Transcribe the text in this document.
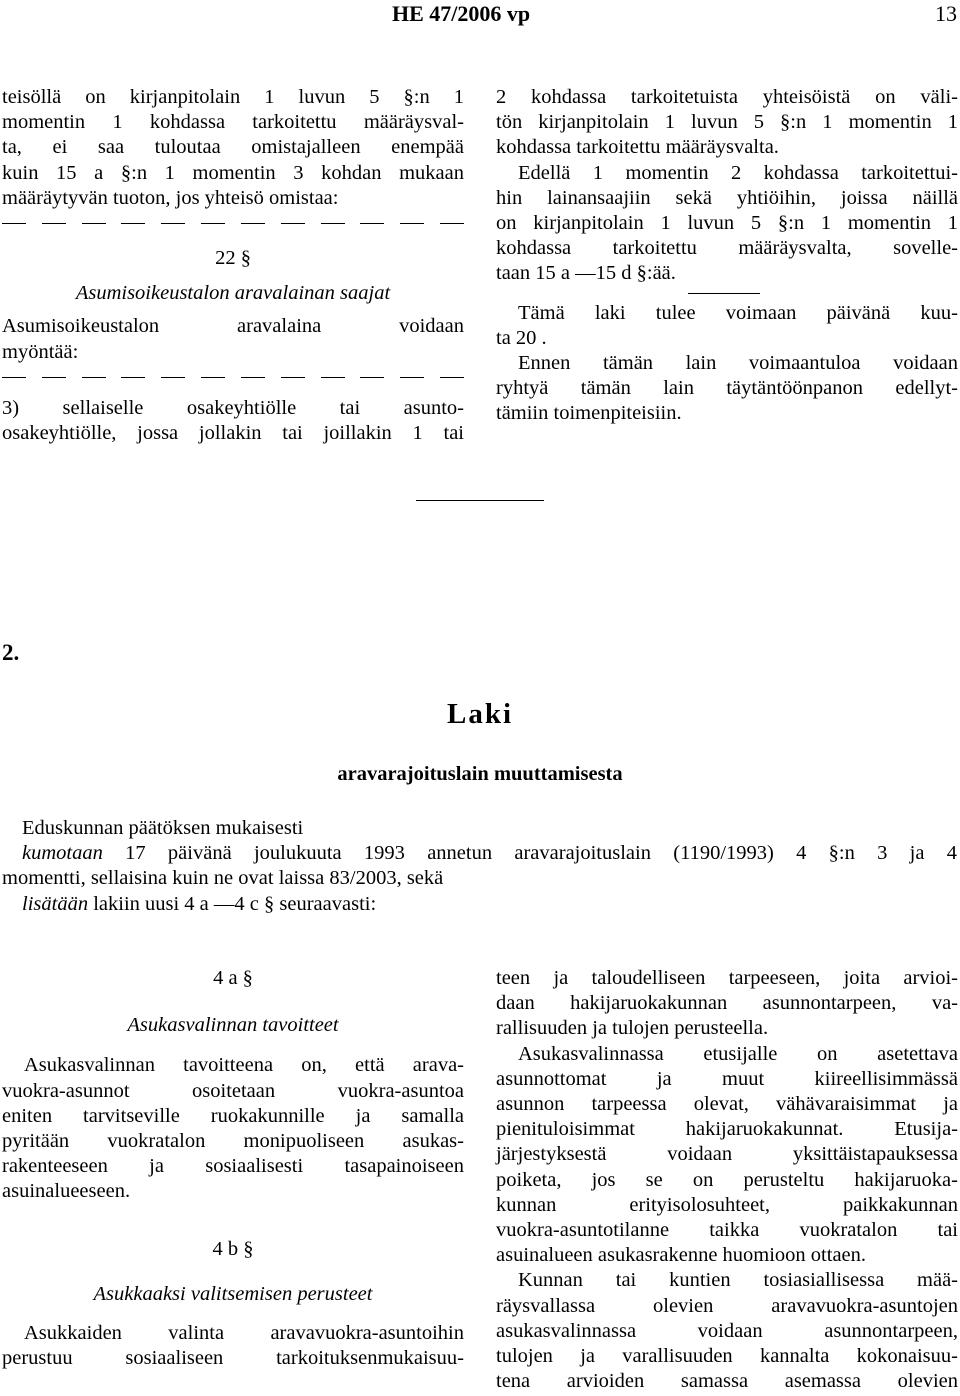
HE 47/2006 vp	13

teisöllä on kirjanpitolain 1 luvun 5 §:n 1

momentin 1 kohdassa tarkoitettu määräysval-

ta, ei saa tuloutaa omistajalleen enempää

kuin 15 a §:n 1 momentin 3 kohdan mukaan

määräytyvän tuoton, jos yhteisö omistaa:

22 §

Asumisoikeustalon aravalainan saajat

Asumisoikeustalon aravalaina voidaan

myöntää:

3) sellaiselle osakeyhtiölle tai asunto-

osakeyhtiölle, jossa jollakin tai joillakin 1 tai

2 kohdassa tarkoitetuista yhteisöistä on väli-

tön kirjanpitolain 1 luvun 5 §:n 1 momentin 1

kohdassa tarkoitettu määräysvalta.

Edellä 1 momentin 2 kohdassa tarkoitettui-

hin lainansaajiin sekä yhtiöihin, joissa näillä

on kirjanpitolain 1 luvun 5 §:n 1 momentin 1

kohdassa tarkoitettu määräysvalta, sovelle-

taan 15 a —15 d §:ää.

Tämä laki tulee voimaan päivänä kuu-

ta 20 .

Ennen tämän lain voimaantuloa voidaan

ryhtyä tämän lain täytäntöönpanon edellyt-

tämiin toimenpiteisiin.

2.
Laki
aravarajoituslain muuttamisesta

Eduskunnan päätöksen mukaisesti

kumotaan 17 päivänä joulukuuta 1993 annetun aravarajoituslain (1190/1993) 4 §:n 3 ja 4

momentti, sellaisina kuin ne ovat laissa 83/2003, sekä

lisätään lakiin uusi 4 a —4 c § seuraavasti:

4 a §

Asukasvalinnan tavoitteet

Asukasvalinnan tavoitteena on, että arava-

vuokra-asunnot osoitetaan vuokra-asuntoa

eniten tarvitseville ruokakunnille ja samalla

pyritään vuokratalon monipuoliseen asukas-

rakenteeseen ja sosiaalisesti tasapainoiseen

asuinalueeseen.

4 b §

Asukkaaksi valitsemisen perusteet

Asukkaiden valinta aravavuokra-asuntoihin

perustuu sosiaaliseen tarkoituksenmukaisuu-

teen ja taloudelliseen tarpeeseen, joita arvioi-

daan hakijaruokakunnan asunnontarpeen, va-

rallisuuden ja tulojen perusteella.

Asukasvalinnassa etusijalle on asetettava

asunnottomat ja muut kiireellisimmässä

asunnon tarpeessa olevat, vähävaraisimmat ja

pienituloisimmat hakijaruokakunnat. Etusija-

järjestyksestä voidaan yksittäistapauksessa

poiketa, jos se on perusteltu hakijaruoka-

kunnan erityisolosuhteet, paikkakunnan

vuokra-asuntotilanne taikka vuokratalon tai

asuinalueen asukasrakenne huomioon ottaen.

Kunnan tai kuntien tosiasiallisessa mää-

räysvallassa olevien aravavuokra-asuntojen

asukasvalinnassa voidaan asunnontarpeen,

tulojen ja varallisuuden kannalta kokonaisuu-

tena arvioiden samassa asemassa olevien
